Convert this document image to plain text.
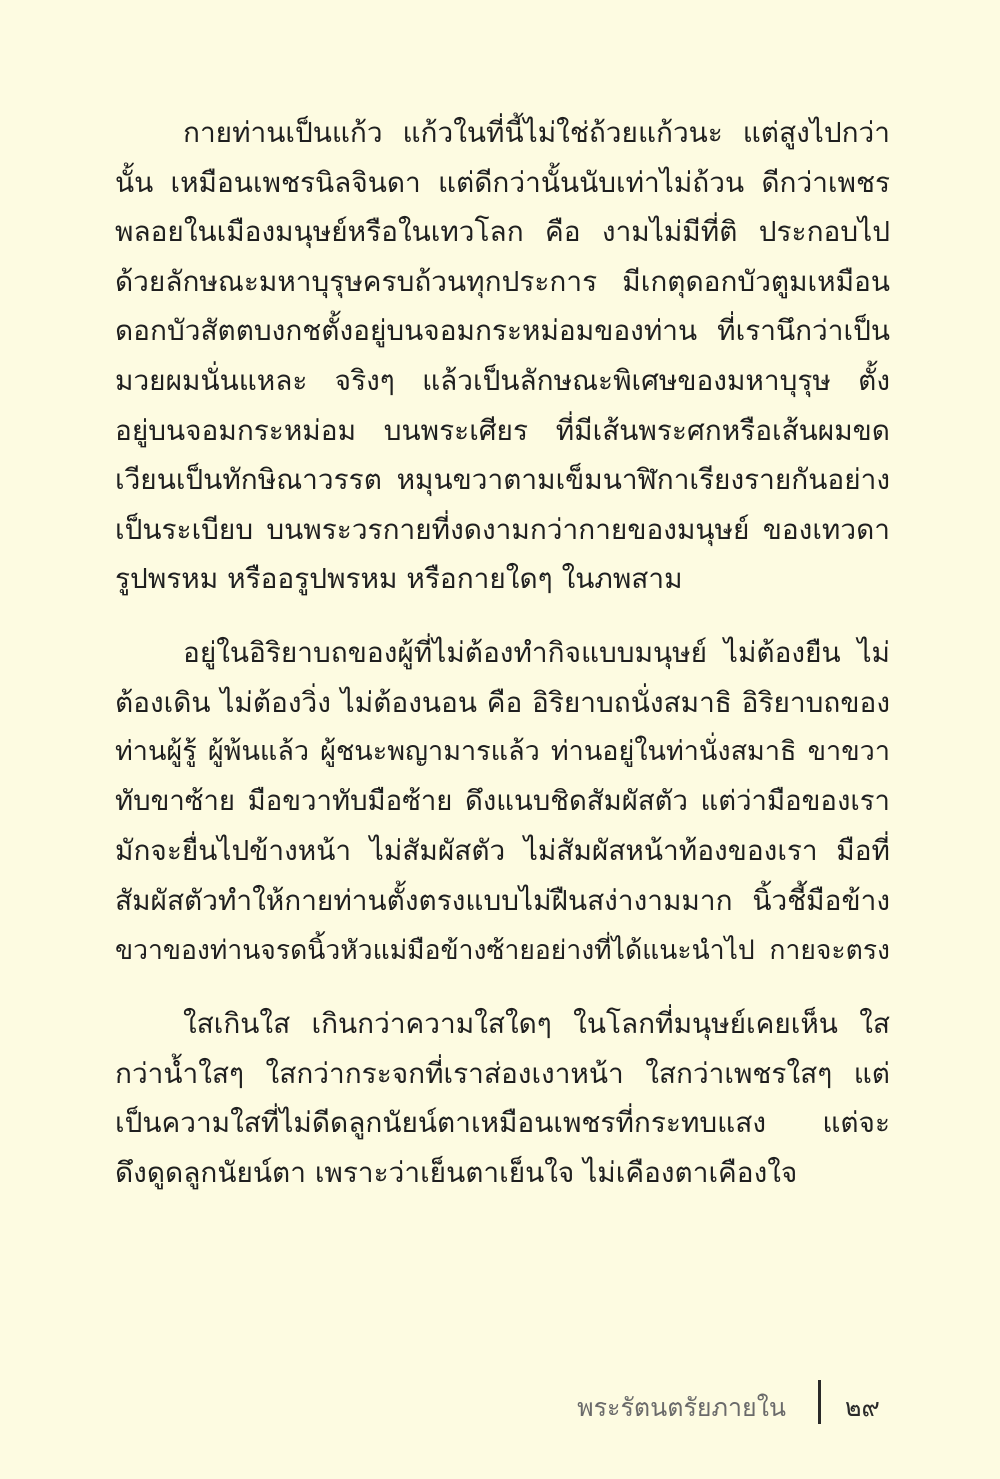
กายท่านเป็นแก้ว แก้วในที่นี้ไม่ใช่ถ้วยแก้วนะ แต่สูงไปกว่า
นั้น เหมือนเพชรนิลจินดา แต่ดีกว่านั้นนับเท่าไม่ถ้วน ดีกว่าเพชร
พลอยในเมืองมนุษย์หรือในเทวโลก คือ งามไม่มีที่ติ ประกอบไป
ด้วยลักษณะมหาบุรุษครบถ้วนทุกประการ มีเกตุดอกบัวตูมเหมือน
ดอกบัวสัตตบงกชตั้งอยู่บนจอมกระหม่อมของท่าน ที่เรานึกว่าเป็น
มวยผมนั่นแหละ จริงๆ แล้วเป็นลักษณะพิเศษของมหาบุรุษ ตั้ง
อยู่บนจอมกระหม่อม บนพระเศียร ที่มีเส้นพระศกหรือเส้นผมขด
เวียนเป็นทักษิณาวรรต หมุนขวาตามเข็มนาฬิกาเรียงรายกันอย่าง
เป็นระเบียบ บนพระวรกายที่งดงามกว่ากายของมนุษย์ ของเทวดา
รูปพรหม หรืออรูปพรหม หรือกายใดๆ ในภพสาม
อยู่ในอิริยาบถของผู้ที่ไม่ต้องทำกิจแบบมนุษย์ ไม่ต้องยืน ไม่
ต้องเดิน ไม่ต้องวิ่ง ไม่ต้องนอน คือ อิริยาบถนั่งสมาธิ อิริยาบถของ
ท่านผู้รู้ ผู้พ้นแล้ว ผู้ชนะพญามารแล้ว ท่านอยู่ในท่านั่งสมาธิ ขาขวา
ทับขาซ้าย มือขวาทับมือซ้าย ดึงแนบชิดสัมผัสตัว แต่ว่ามือของเรา
มักจะยื่นไปข้างหน้า ไม่สัมผัสตัว ไม่สัมผัสหน้าท้องของเรา มือที่
สัมผัสตัวทำให้กายท่านตั้งตรงแบบไม่ฝืนสง่างามมาก นิ้วชี้มือข้าง
ขวาของท่านจรดนิ้วหัวแม่มือข้างซ้ายอย่างที่ได้แนะนำไป กายจะตรง
ใสเกินใส เกินกว่าความใสใดๆ ในโลกที่มนุษย์เคยเห็น ใส
กว่าน้ำใสๆ ใสกว่ากระจกที่เราส่องเงาหน้า ใสกว่าเพชรใสๆ แต่
เป็นความใสที่ไม่ดีดลูกนัยน์ตาเหมือนเพชรที่กระทบแสง แต่จะ
ดึงดูดลูกนัยน์ตา เพราะว่าเย็นตาเย็นใจ ไม่เคืองตาเคืองใจ
พระรัตนตรัยภายใน ๒๙
